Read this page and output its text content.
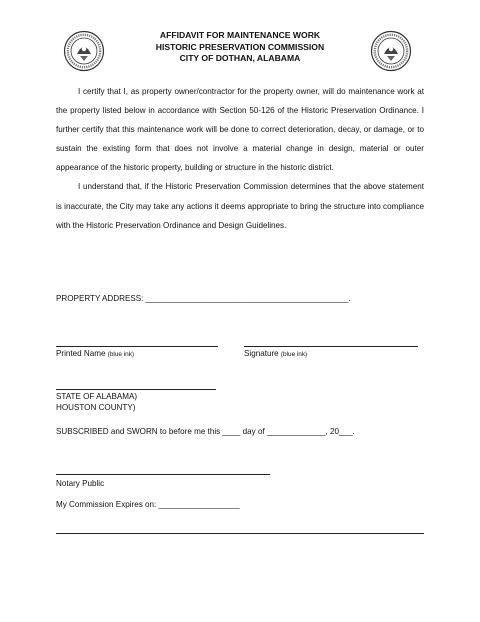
AFFIDAVIT FOR MAINTENANCE WORK
HISTORIC PRESERVATION COMMISSION
CITY OF DOTHAN, ALABAMA

I certify that I, as property owner/contractor for the property owner, will do maintenance work at the property listed below in accordance with Section 50-126 of the Historic Preservation Ordinance. I further certify that this maintenance work will be done to correct deterioration, decay, or damage, or to sustain the existing form that does not involve a material change in design, material or outer appearance of the historic property, building or structure in the historic district.

I understand that, if the Historic Preservation Commission determines that the above statement is inaccurate, the City may take any actions it deems appropriate to bring the structure into compliance with the Historic Preservation Ordinance and Design Guidelines.

PROPERTY ADDRESS: _____________________________________________.
Printed Name (blue ink)	Signature (blue ink)
STATE OF ALABAMA)
HOUSTON COUNTY)
SUBSCRIBED and SWORN to before me this ____ day of _____________, 20___.
Notary Public
My Commission Expires on: __________________
